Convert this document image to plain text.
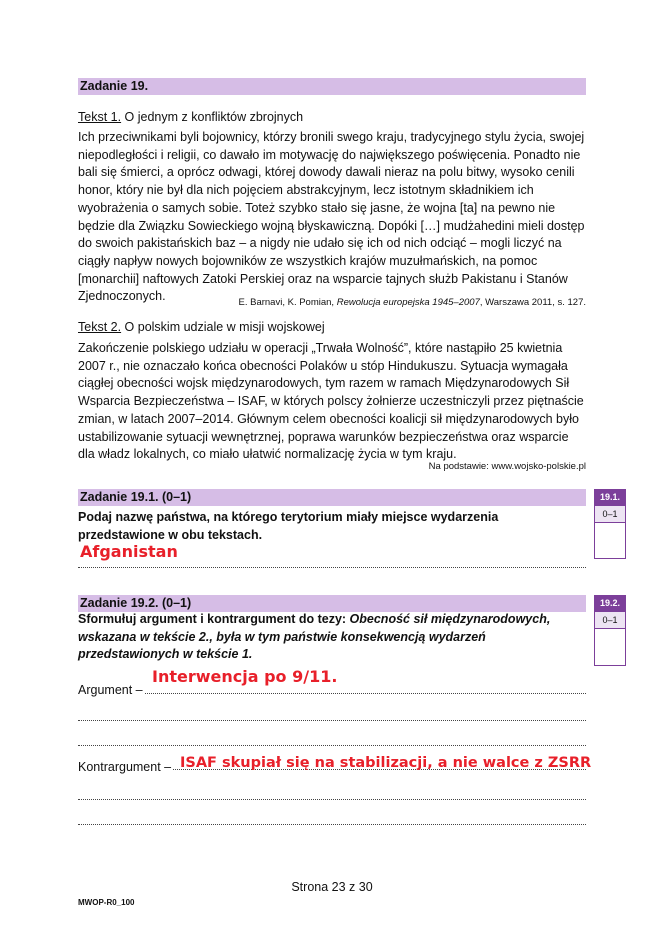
Zadanie 19.
Tekst 1. O jednym z konfliktów zbrojnych
Ich przeciwnikami byli bojownicy, którzy bronili swego kraju, tradycyjnego stylu życia, swojej niepodległości i religii, co dawało im motywację do największego poświęcenia. Ponadto nie bali się śmierci, a oprócz odwagi, której dowody dawali nieraz na polu bitwy, wysoko cenili honor, który nie był dla nich pojęciem abstrakcyjnym, lecz istotnym składnikiem ich wyobrażenia o samych sobie. Toteż szybko stało się jasne, że wojna [ta] na pewno nie będzie dla Związku Sowieckiego wojną błyskawiczną. Dopóki […] mudżahedini mieli dostęp do swoich pakistańskich baz – a nigdy nie udało się ich od nich odciąć – mogli liczyć na ciągły napływ nowych bojowników ze wszystkich krajów muzułmańskich, na pomoc [monarchii] naftowych Zatoki Perskiej oraz na wsparcie tajnych służb Pakistanu i Stanów Zjednoczonych.	E. Barnavi, K. Pomian, Rewolucja europejska 1945–2007, Warszawa 2011, s. 127.
Tekst 2. O polskim udziale w misji wojskowej
Zakończenie polskiego udziału w operacji „Trwała Wolność”, które nastąpiło 25 kwietnia 2007 r., nie oznaczało końca obecności Polaków u stóp Hindukuszu. Sytuacja wymagała ciągłej obecności wojsk międzynarodowych, tym razem w ramach Międzynarodowych Sił Wsparcia Bezpieczeństwa – ISAF, w których polscy żołnierze uczestniczyli przez piętnaście zmian, w latach 2007–2014. Głównym celem obecności koalicji sił międzynarodowych było ustabilizowanie sytuacji wewnętrznej, poprawa warunków bezpieczeństwa oraz wsparcie dla władz lokalnych, co miało ułatwić normalizację życia w tym kraju.
Na podstawie: www.wojsko-polskie.pl
Zadanie 19.1. (0–1)
Podaj nazwę państwa, na którego terytorium miały miejsce wydarzenia przedstawione w obu tekstach.
Afganistan
19.1.
0–1
Zadanie 19.2. (0–1)
Sformułuj argument i kontrargument do tezy: Obecność sił międzynarodowych, wskazana w tekście 2., była w tym państwie konsekwencją wydarzeń przedstawionych w tekście 1.
Argument –
Interwencja po 9/11.
Kontrargument – ISAF skupiał się na stabilizacji, a nie walce z ZSRR
19.2.
0–1
Strona 23 z 30
MWOP-R0_100
